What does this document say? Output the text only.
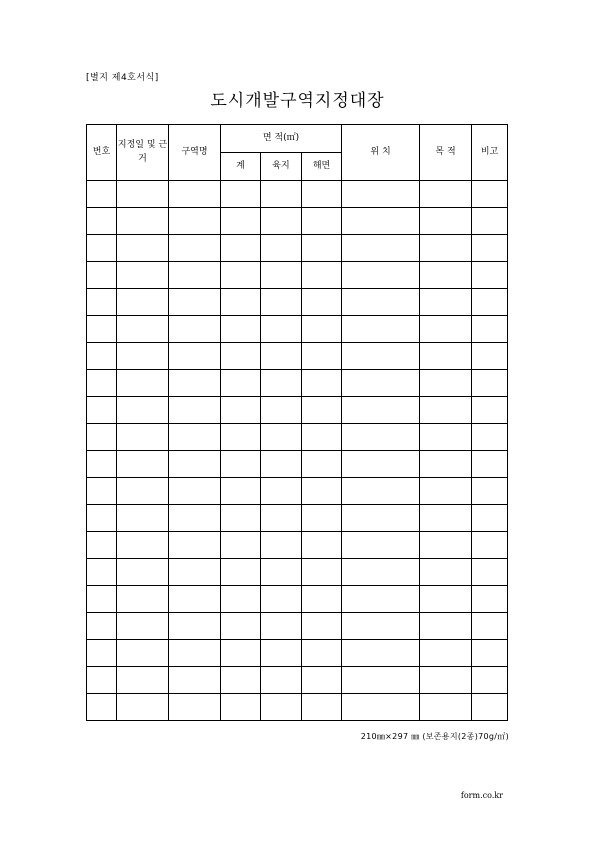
[별지 제4호서식]
도시개발구역지정대장
번호	지정일 및 근거	구역명	면 적(㎡)			위 치	목 적	비고
			계	육지	해면			

210㎜×297 ㎜ (보존용지(2종)70g/㎡)
form.co.kr
